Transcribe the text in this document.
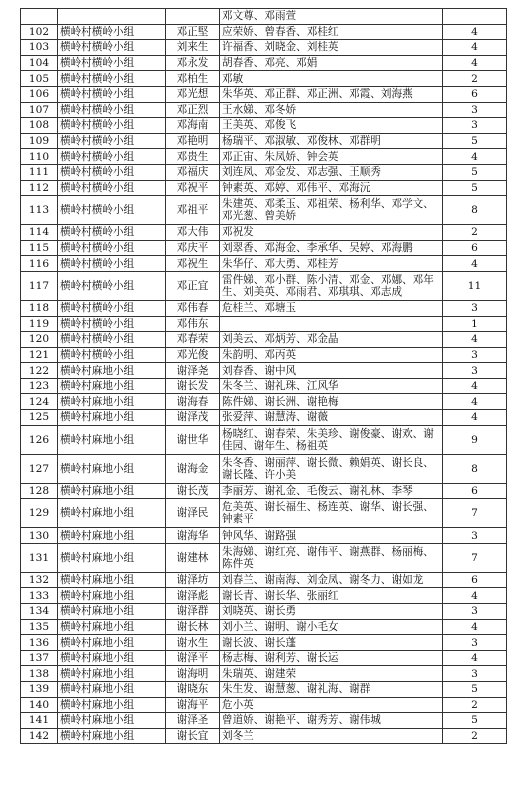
			邓文尊、邓雨萱	
102	横岭村横岭小组	邓正堅	应荣娇、曾春香、邓桂红	4
103	横岭村横岭小组	刘来生	许福香、刘晓金、刘桂英	4
104	横岭村横岭小组	邓永发	胡春香、邓亮、邓娟	4
105	横岭村横岭小组	邓柏生	邓敏	2
106	横岭村横岭小组	邓光想	朱华英、邓正群、邓正洲、邓霞、刘海燕	6
107	横岭村横岭小组	邓正烈	王水娣、邓冬娇	3
108	横岭村横岭小组	邓海南	王美英、邓俊飞	3
109	横岭村横岭小组	邓艳明	杨瑞平、邓淑敏、邓俊林、邓群明	5
110	横岭村横岭小组	邓贵生	邓正宙、朱凤娇、钟会英	4
111	横岭村横岭小组	邓福庆	刘连凤、邓金发、邓志强、王顺秀	5
112	横岭村横岭小组	邓祝平	钟素英、邓婷、邓伟平、邓海沅	5
113	横岭村横岭小组	邓祖平	朱建英、邓柔玉、邓祖荣、杨利华、邓学文、邓光葱、曾美娇	8
114	横岭村横岭小组	邓大伟	邓祝发	2
115	横岭村横岭小组	邓庆平	刘翠香、邓海金、李承华、吴婷、邓海鹏	6
116	横岭村横岭小组	邓祝生	朱华仔、邓大勇、邓桂芳	4
117	横岭村横岭小组	邓正宜	雷件娣、邓小群、陈小清、邓金、邓娜、邓年生、刘美英、邓雨君、邓琪琪、邓志成	11
118	横岭村横岭小组	邓伟春	危桂兰、邓塘玉	3
119	横岭村横岭小组	邓伟东		1
120	横岭村横岭小组	邓春荣	刘美云、邓炳芳、邓金晶	4
121	横岭村横岭小组	邓光俊	朱韵明、邓丙英	3
122	横岭村麻地小组	谢泽尧	刘春香、谢中风	3
123	横岭村麻地小组	谢长发	朱冬兰、谢礼珠、江风华	4
124	横岭村麻地小组	谢海春	陈件娣、谢长洲、谢艳梅	4
125	横岭村麻地小组	谢泽茂	张爱萍、谢慧涛、谢薇	4
126	横岭村麻地小组	谢世华	杨晓红、谢春荣、朱美珍、谢俊豪、谢欢、谢佳园、谢年生、杨祖英	9
127	横岭村麻地小组	谢海金	朱冬香、谢丽萍、谢长微、赖娟英、谢长良、谢长隆、许小美	8
128	横岭村麻地小组	谢长茂	李丽芳、谢礼金、毛俊云、谢礼林、李琴	6
129	横岭村麻地小组	谢泽民	危美英、谢长福生、杨连英、谢华、谢长强、钟素平	7
130	横岭村麻地小组	谢海华	钟风华、谢路强	3
131	横岭村麻地小组	谢建林	朱海娣、谢红亮、谢伟平、谢燕群、杨丽梅、陈件英	7
132	横岭村麻地小组	谢泽坊	刘春兰、谢南海、刘金凤、谢冬力、谢如龙	6
133	横岭村麻地小组	谢泽彪	谢长青、谢长华、张丽红	4
134	横岭村麻地小组	谢泽群	刘晓英、谢长勇	3
135	横岭村麻地小组	谢长林	刘小兰、谢明、谢小毛女	4
136	横岭村麻地小组	谢水生	谢长波、谢长蓬	3
137	横岭村麻地小组	谢泽平	杨志梅、谢利芳、谢长运	4
138	横岭村麻地小组	谢海明	朱瑞英、谢建荣	3
139	横岭村麻地小组	谢晓东	朱生发、谢慧葱、谢礼海、谢群	5
140	横岭村麻地小组	谢海平	危小英	2
141	横岭村麻地小组	谢泽圣	曾道娇、谢艳平、谢秀芳、谢伟城	5
142	横岭村麻地小组	谢长宜	刘冬兰	2
